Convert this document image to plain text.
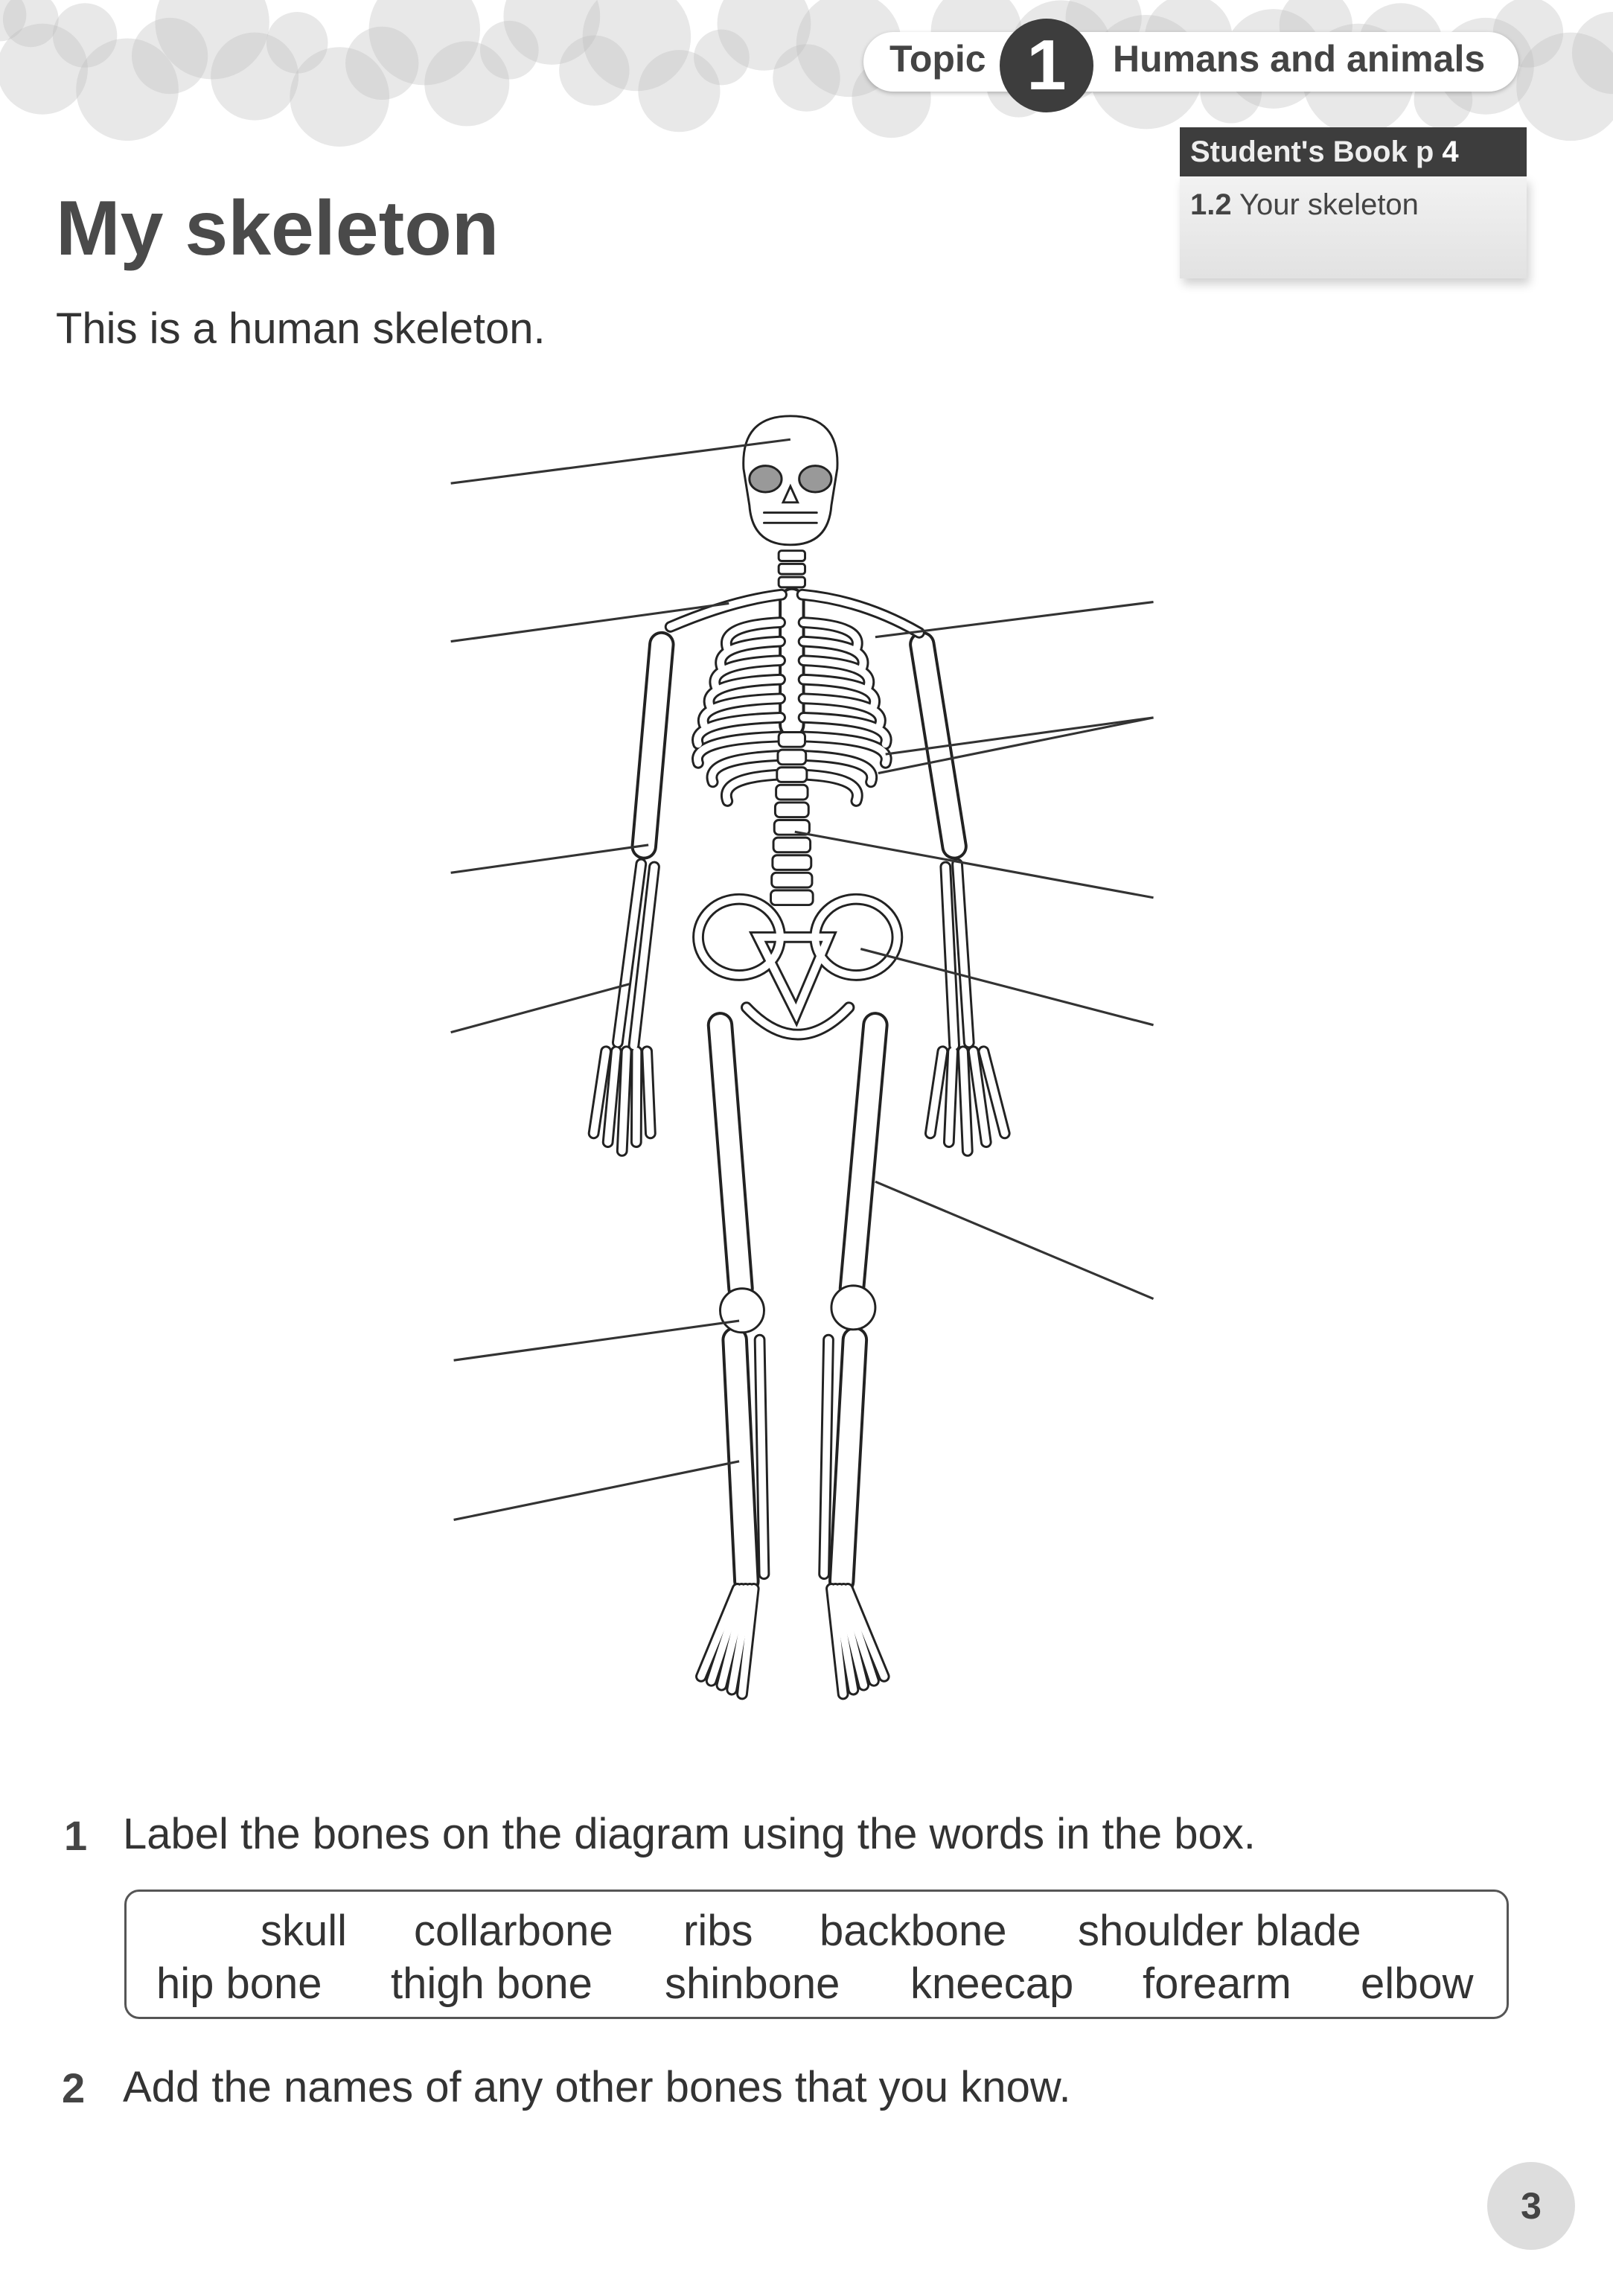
Topic 1	Humans and animals
Student's Book p 4
1.2 Your skeleton
My skeleton
This is a human skeleton.
1 Label the bones on the diagram using the words in the box.
skull collarbone ribs backbone shoulder blade
hip bone thigh bone shinbone kneecap forearm elbow
2 Add the names of any other bones that you know.
3
